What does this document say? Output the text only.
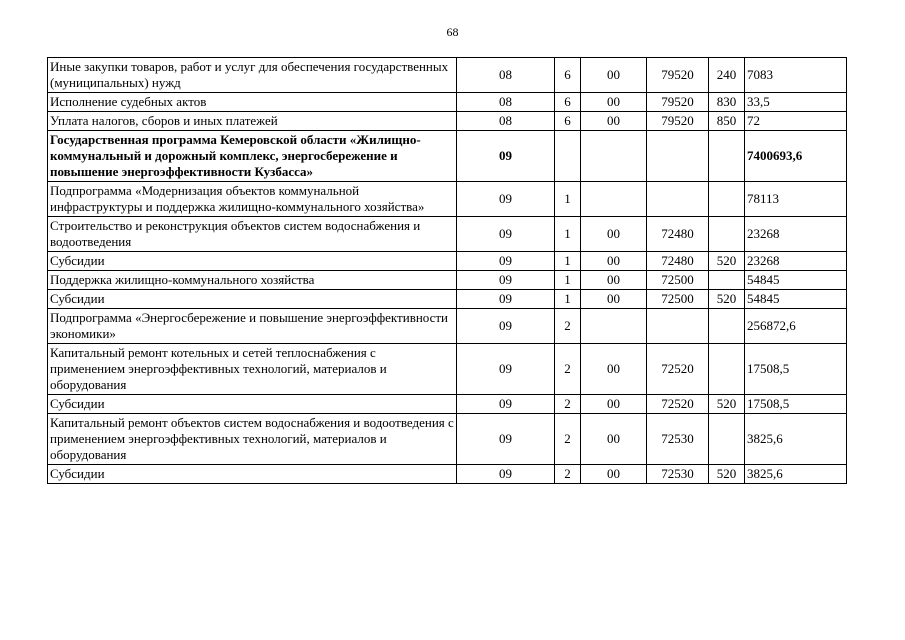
68
Иные закупки товаров, работ и услуг для обеспечения государственных (муниципальных) нужд	08	6	00	79520	240	7083
Исполнение судебных актов	08	6	00	79520	830	33,5
Уплата налогов, сборов и иных платежей	08	6	00	79520	850	72
Государственная программа Кемеровской области «Жилищно-коммунальный и дорожный комплекс, энергосбережение и повышение энергоэффективности Кузбасса»	09					7400693,6
Подпрограмма «Модернизация объектов коммунальной инфраструктуры и поддержка жилищно-коммунального хозяйства»	09	1				78113
Строительство и реконструкция объектов систем водоснабжения и водоотведения	09	1	00	72480		23268
Субсидии	09	1	00	72480	520	23268
Поддержка жилищно-коммунального хозяйства	09	1	00	72500		54845
Субсидии	09	1	00	72500	520	54845
Подпрограмма «Энергосбережение и повышение энергоэффективности экономики»	09	2				256872,6
Капитальный ремонт котельных и сетей теплоснабжения с применением энергоэффективных технологий, материалов и оборудования	09	2	00	72520		17508,5
Субсидии	09	2	00	72520	520	17508,5
Капитальный ремонт объектов систем водоснабжения и водоотведения с применением энергоэффективных технологий, материалов и оборудования	09	2	00	72530		3825,6
Субсидии	09	2	00	72530	520	3825,6
